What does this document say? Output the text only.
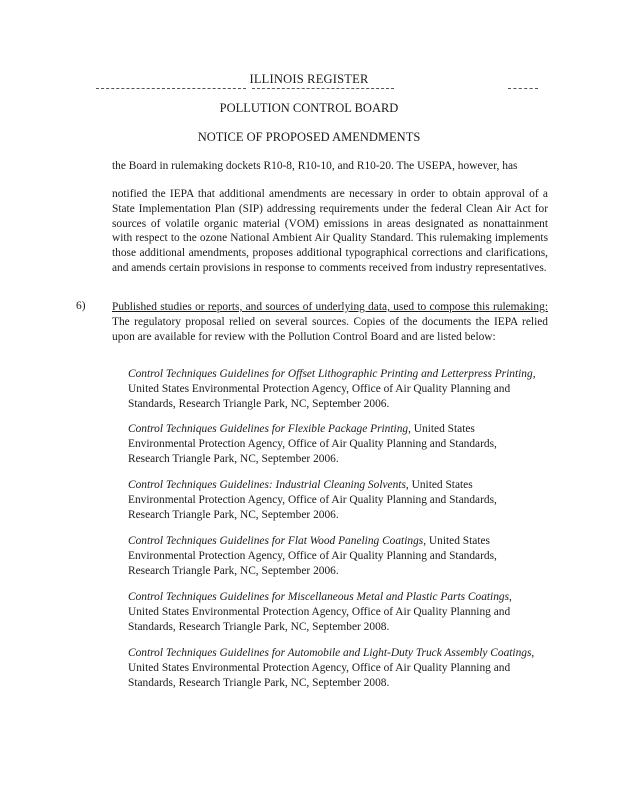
ILLINOIS REGISTER
POLLUTION CONTROL BOARD
NOTICE OF PROPOSED AMENDMENTS
the Board in rulemaking dockets R10-8, R10-10, and R10-20. The USEPA, however, has

notified the IEPA that additional amendments are necessary in order to obtain approval of a State Implementation Plan (SIP) addressing requirements under the federal Clean Air Act for sources of volatile organic material (VOM) emissions in areas designated as nonattainment with respect to the ozone National Ambient Air Quality Standard. This rulemaking implements those additional amendments, proposes additional typographical corrections and clarifications, and amends certain provisions in response to comments received from industry representatives.

6) Published studies or reports, and sources of underlying data, used to compose this rulemaking: The regulatory proposal relied on several sources. Copies of the documents the IEPA relied upon are available for review with the Pollution Control Board and are listed below:

Control Techniques Guidelines for Offset Lithographic Printing and Letterpress Printing, United States Environmental Protection Agency, Office of Air Quality Planning and Standards, Research Triangle Park, NC, September 2006.
Control Techniques Guidelines for Flexible Package Printing, United States Environmental Protection Agency, Office of Air Quality Planning and Standards, Research Triangle Park, NC, September 2006.
Control Techniques Guidelines: Industrial Cleaning Solvents, United States Environmental Protection Agency, Office of Air Quality Planning and Standards, Research Triangle Park, NC, September 2006.
Control Techniques Guidelines for Flat Wood Paneling Coatings, United States Environmental Protection Agency, Office of Air Quality Planning and Standards, Research Triangle Park, NC, September 2006.
Control Techniques Guidelines for Miscellaneous Metal and Plastic Parts Coatings, United States Environmental Protection Agency, Office of Air Quality Planning and Standards, Research Triangle Park, NC, September 2008.
Control Techniques Guidelines for Automobile and Light-Duty Truck Assembly Coatings, United States Environmental Protection Agency, Office of Air Quality Planning and Standards, Research Triangle Park, NC, September 2008.
